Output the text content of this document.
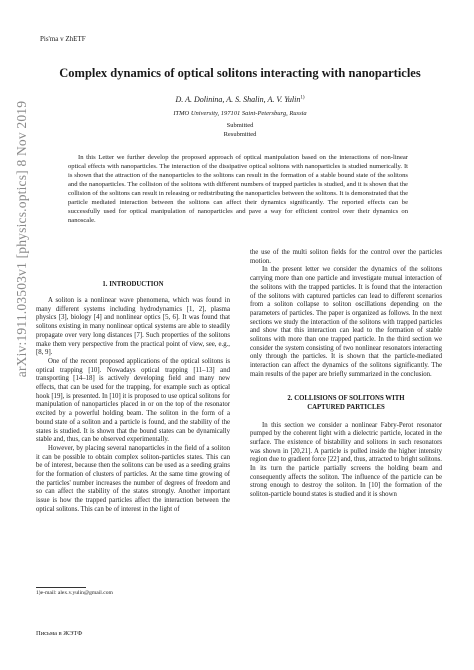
Pis'ma v ZhETF
arXiv:1911.03503v1 [physics.optics] 8 Nov 2019
Complex dynamics of optical solitons interacting with nanoparticles
D. A. Dolinina, A. S. Shalin, A. V. Yulin$^{1)}$
ITMO University, 197101 Saint-Petersburg, Russia
Submitted
Resubmitted
In this Letter we further develop the proposed approach of optical manipulation based on the interactions of non-linear optical effects with nanoparticles. The interaction of the dissipative optical solitons with nanoparticles is studied numerically. It is shown that the attraction of the nanoparticles to the solitons can result in the formation of a stable bound state of the solitons and the nanoparticles. The collision of the solitons with different numbers of trapped particles is studied, and it is shown that the collision of the solitons can result in releasing or redistributing the nanoparticles between the solitons. It is demonstrated that the particle mediated interaction between the solitons can affect their dynamics significantly. The reported effects can be successfully used for optical manipulation of nanoparticles and pave a way for efficient control over their dynamics on nanoscale.
1. INTRODUCTION

A soliton is a nonlinear wave phenomena, which was found in many different systems including hydrodynamics [1, 2], plasma physics [3], biology [4] and nonlinear optics [5, 6]. It was found that solitons existing in many nonlinear optical systems are able to steadily propagate over very long distances [7]. Such properties of the solitons make them very perspective from the practical point of view, see, e.g., [8, 9].

One of the recent proposed applications of the optical solitons is optical trapping [10]. Nowadays optical trapping [11–13] and transporting [14–18] is actively developing field and many new effects, that can be used for the trapping, for example such as optical hook [19], is presented. In [10] it is proposed to use optical solitons for manipulation of nanoparticles placed in or on the top of the resonator excited by a powerful holding beam. The soliton in the form of a bound state of a soliton and a particle is found, and the stability of the states is studied. It is shown that the bound states can be dynamically stable and, thus, can be observed experimentally.

However, by placing several nanoparticles in the field of a soliton it can be possible to obtain complex soliton-particles states. This can be of interest, because then the solitons can be used as a seeding grains for the formation of clusters of particles. At the same time growing of the particles' number increases the number of degrees of freedom and so can affect the stability of the states strongly. Another important issue is how the trapped particles affect the interaction between the optical solitons. This can be of interest in the light of

the use of the multi soliton fields for the control over the particles motion.

In the present letter we consider the dynamics of the solitons carrying more than one particle and investigate mutual interaction of the solitons with the trapped particles. It is found that the interaction of the solitons with captured particles can lead to different scenarios from a soliton collapse to soliton oscillations depending on the parameters of particles. The paper is organized as follows. In the next sections we study the interaction of the solitons with trapped particles and show that this interaction can lead to the formation of stable solitons with more than one trapped particle. In the third section we consider the system consisting of two nonlinear resonators interacting only through the particles. It is shown that the particle-mediated interaction can affect the dynamics of the solitons significantly. The main results of the paper are briefly summarized in the conclusion.

2. COLLISIONS OF SOLITONS WITH
CAPTURED PARTICLES

In this section we consider a nonlinear Fabry-Perot resonator pumped by the coherent light with a dielectric particle, located in the surface. The existence of bistability and solitons in such resonators was shown in [20,21]. A particle is pulled inside the higher intensity region due to gradient force [22] and, thus, attracted to bright solitons. In its turn the particle partially screens the holding beam and consequently affects the soliton. The influence of the particle can be strong enough to destroy the soliton. In [10] the formation of the soliton-particle bound states is studied and it is shown

1)e-mail: alex.v.yulin@gmail.com
Письма в ЖЭТФ
